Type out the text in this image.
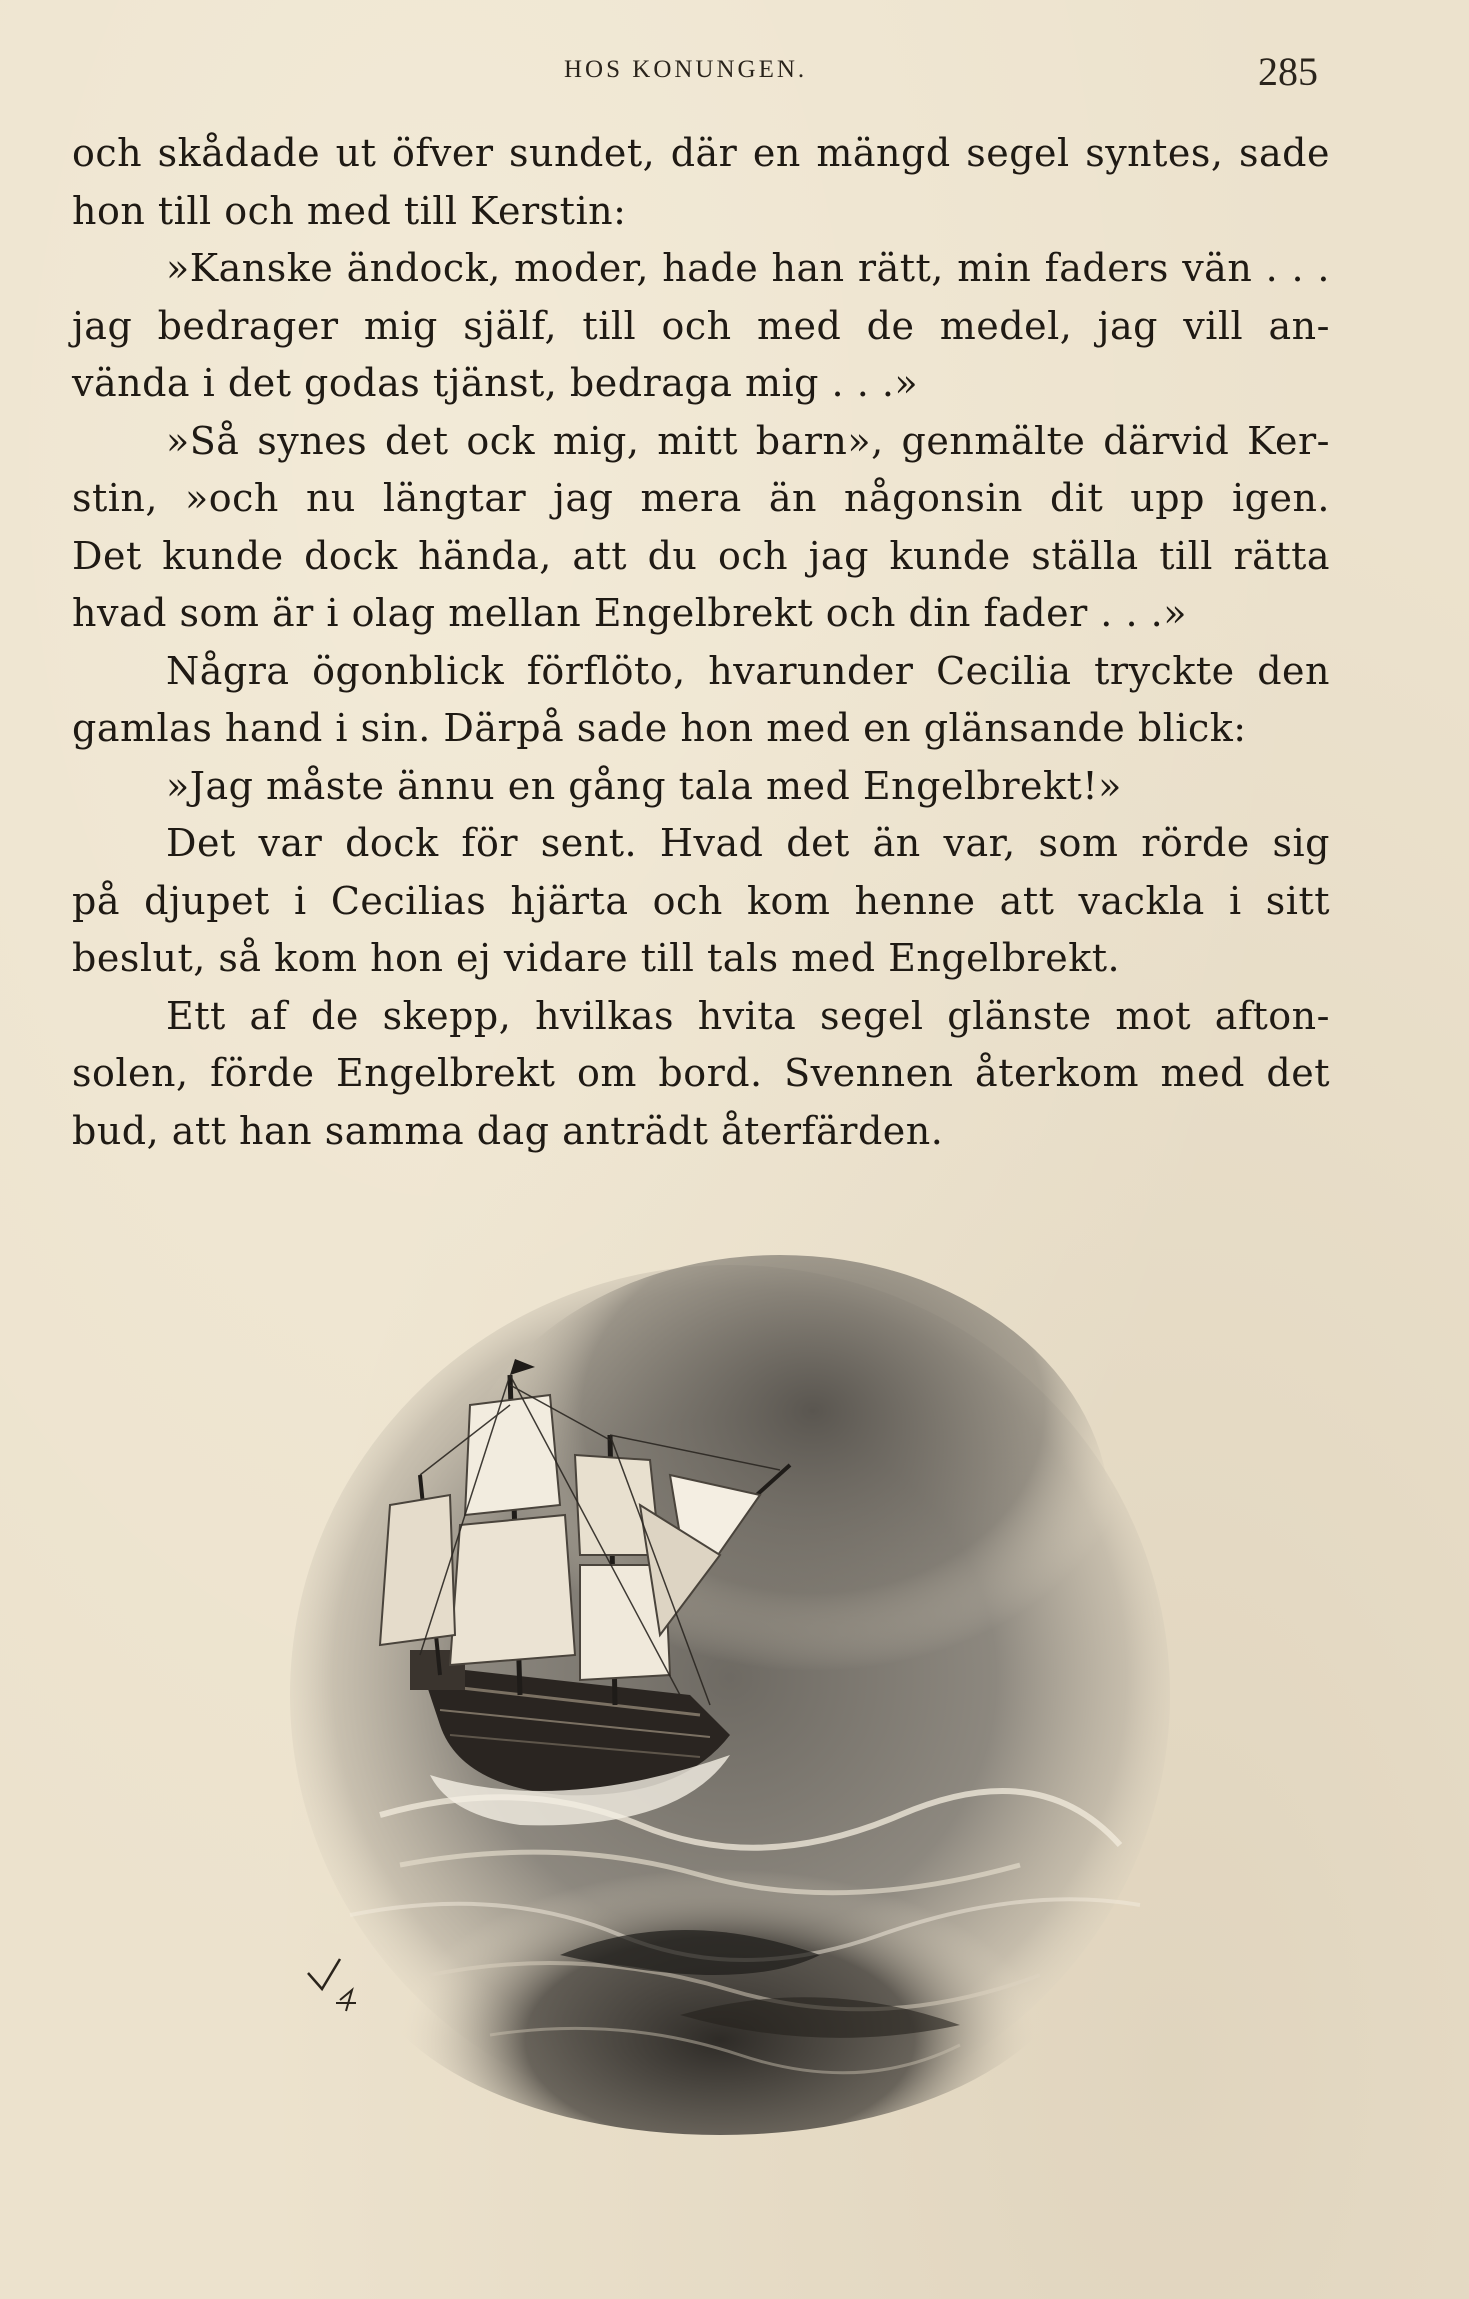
HOS KONUNGEN.	285
och skådade ut öfver sundet, där en mängd segel syntes, sade
hon till och med till Kerstin:
»Kanske ändock, moder, hade han rätt, min faders vän . . .
jag bedrager mig själf, till och med de medel, jag vill an-
vända i det godas tjänst, bedraga mig . . .»
»Så synes det ock mig, mitt barn», genmälte därvid Ker-
stin, »och nu längtar jag mera än någonsin dit upp igen.
Det kunde dock hända, att du och jag kunde ställa till rätta
hvad som är i olag mellan Engelbrekt och din fader . . .»
Några ögonblick förflöto, hvarunder Cecilia tryckte den
gamlas hand i sin. Därpå sade hon med en glänsande blick:
»Jag måste ännu en gång tala med Engelbrekt!»
Det var dock för sent. Hvad det än var, som rörde sig
på djupet i Cecilias hjärta och kom henne att vackla i sitt
beslut, så kom hon ej vidare till tals med Engelbrekt.
Ett af de skepp, hvilkas hvita segel glänste mot afton-
solen, förde Engelbrekt om bord. Svennen återkom med det
bud, att han samma dag anträdt återfärden.
